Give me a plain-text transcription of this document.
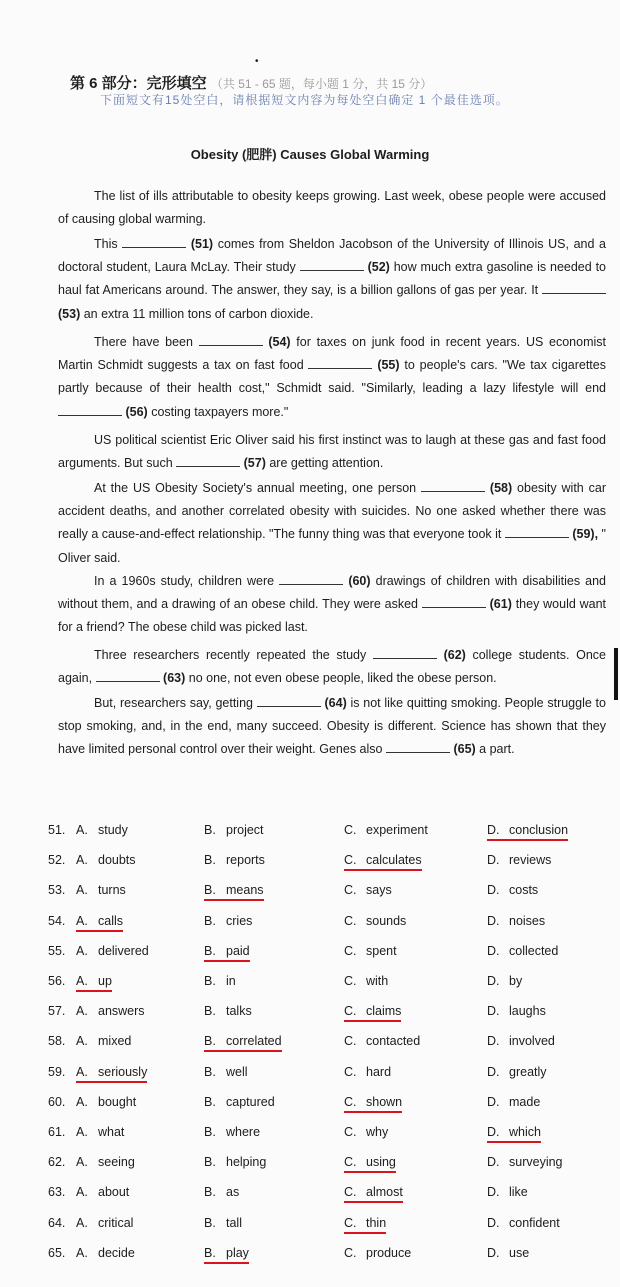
•
第 6 部分：完形填空 （共 51 - 65 题，每小题 1 分，共 15 分）
下面短文有15处空白，请根据短文内容为每处空白确定 1 个最佳选项。
Obesity (肥胖) Causes Global Warming
The list of ills attributable to obesity keeps growing. Last week, obese people were accused of causing global warming.
This	(51) comes from Sheldon Jacobson of the University of Illinois US, and a doctoral student, Laura McLay. Their study	(52) how much extra gasoline is needed to haul fat Americans around. The answer, they say, is a billion gallons of gas per year. It  (53) an extra 11 million tons of carbon dioxide.
There have been	(54) for taxes on junk food in recent years. US economist Martin Schmidt suggests a tax on fast food	(55) to people's cars. "We tax cigarettes partly because of their health cost," Schmidt said. "Similarly, leading a lazy lifestyle will end  (56) costing taxpayers more."
US political scientist Eric Oliver said his first instinct was to laugh at these gas and fast food arguments. But such	(57) are getting attention.
At the US Obesity Society's annual meeting, one person	(58) obesity with car accident deaths, and another correlated obesity with suicides. No one asked whether there was really a cause-and-effect relationship. "The funny thing was that everyone took it	(59), " Oliver said.
In a 1960s study, children were	(60) drawings of children with disabilities and without them, and a drawing of an obese child. They were asked	(61) they would want for a friend? The obese child was picked last.
Three researchers recently repeated the study	(62) college students. Once again,	(63) no one, not even obese people, liked the obese person.
But, researchers say, getting	(64) is not like quitting smoking. People struggle to stop smoking, and, in the end, many succeed. Obesity is different. Science has shown that they have limited personal control over their weight. Genes also	(65) a part.
51. A. study	B. project	C. experiment	D. conclusion
52. A. doubts	B. reports	C. calculates	D. reviews
53. A. turns	B. means	C. says	D. costs
54. A. calls	B. cries	C. sounds	D. noises
55. A. delivered	B. paid	C. spent	D. collected
56. A. up	B. in	C. with	D. by
57. A. answers	B. talks	C. claims	D. laughs
58. A. mixed	B. correlated	C. contacted	D. involved
59. A. seriously	B. well	C. hard	D. greatly
60. A. bought	B. captured	C. shown	D. made
61. A. what	B. where	C. why	D. which
62. A. seeing	B. helping	C. using	D. surveying
63. A. about	B. as	C. almost	D. like
64. A. critical	B. tall	C. thin	D. confident
65. A. decide	B. play	C. produce	D. use
